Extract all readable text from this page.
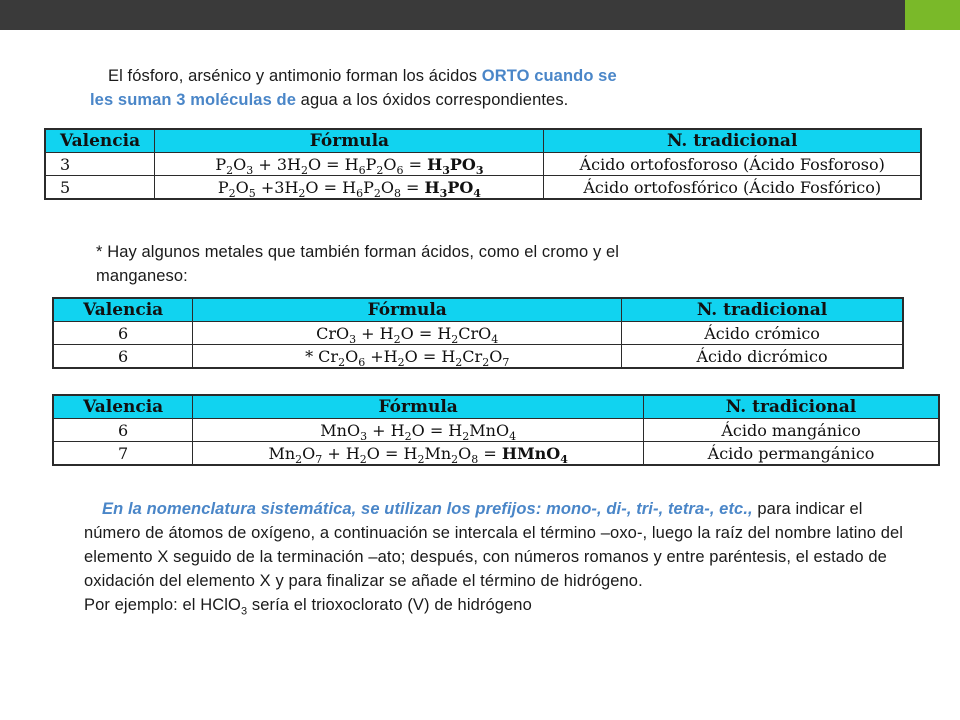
El fósforo, arsénico y antimonio forman los ácidos ORTO cuando se
les suman 3 moléculas de agua a los óxidos correspondientes.
Valencia	Fórmula	N. tradicional
3	$P_2O_3 + 3H_2O = H_6P_2O_6 = H_3PO_3$	Ácido ortofosforoso (Ácido Fosforoso)
5	$P_2O_5 +3H_2O = H_6P_2O_8 = H_3PO_4$	Ácido ortofosfórico (Ácido Fosfórico)
* Hay algunos metales que también forman ácidos, como el cromo y el
manganeso:
Valencia	Fórmula	N. tradicional
6	$CrO_3 + H_2O = H_2CrO_4$	Ácido crómico
6	* $Cr_2O_6 +H_2O = H_2Cr_2O_7$	Ácido dicrómico
Valencia	Fórmula	N. tradicional
6	$MnO_3 + H_2O = H_2MnO_4$	Ácido mangánico
7	$Mn_2O_7 + H_2O = H_2Mn_2O_8$ = HMnO$_4$	Ácido permangánico
En la nomenclatura sistemática, se utilizan los prefijos: mono-, di-, tri-, tetra-, etc., para indicar el número de átomos de oxígeno, a continuación se intercala el término –oxo-, luego la raíz del nombre latino del elemento X seguido de la terminación –ato; después, con números romanos y entre paréntesis, el estado de oxidación del elemento X y para finalizar se añade el término de hidrógeno.
Por ejemplo: el HClO$_3$ sería el trioxoclorato (V) de hidrógeno
